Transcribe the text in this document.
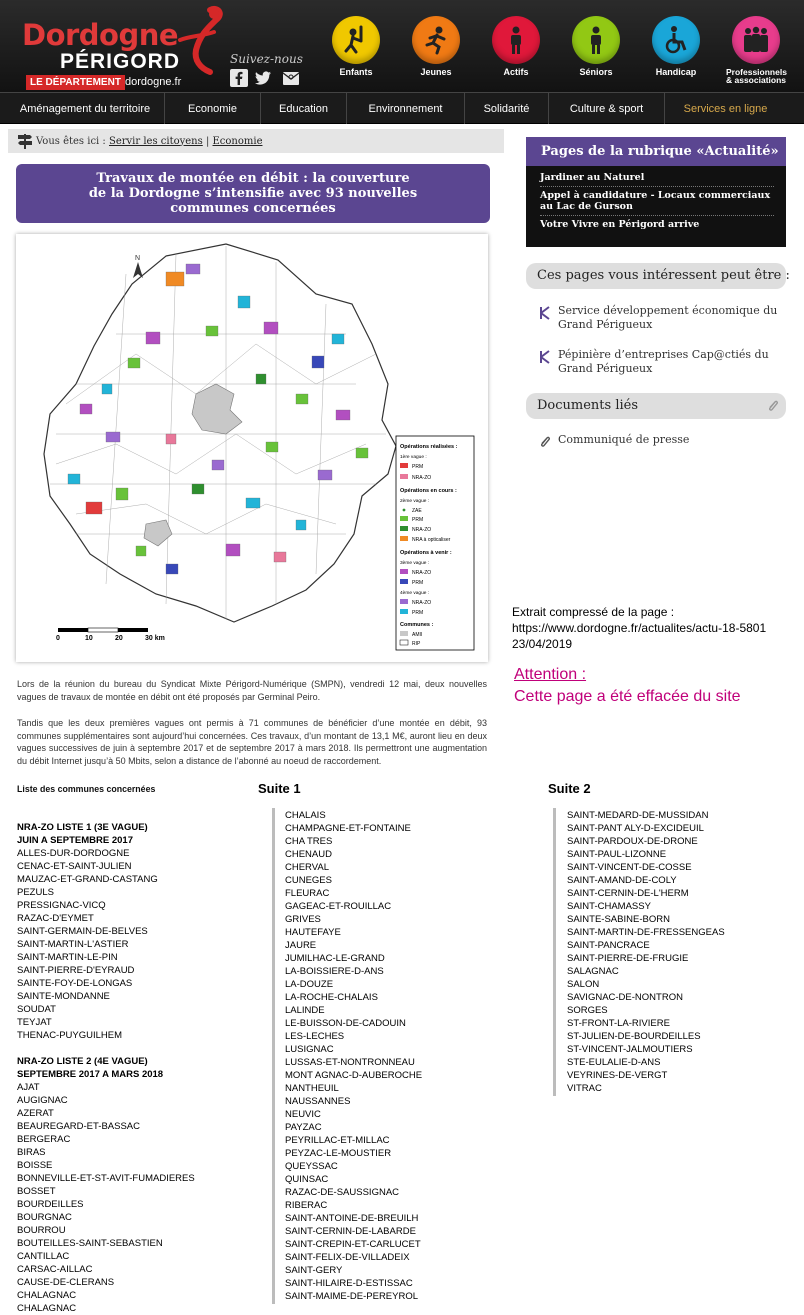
Dordogne
PÉRIGORD
LE DÉPARTEMENT dordogne.fr
Suivez-nous
Enfants	Jeunes	Actifs	Séniors	Handicap	Professionnels & associations
Aménagement du territoire	Economie	Education	Environnement	Solidarité	Culture & sport	Services en ligne
Vous êtes ici :
Servir les citoyens
|
Economie
Travaux de montée en débit : la couverture
de la Dordogne s’intensifie avec 93 nouvelles
communes concernées
N
0	10	20	30 km
Opérations réalisées :
1ère vague :
PRM
NRA-ZO
Opérations en cours :
2ème vague :
ZAE
PRM
NRA-ZO
NRA à opticaliser
Opérations à venir :
3ème vague :
NRA-ZO
PRM
4ème vague :
NRA-ZO
PRM
Communes :
AMII
RIP
Lors de la réunion du bureau du Syndicat Mixte Périgord-Numérique (SMPN), vendredi 12 mai, deux nouvelles vagues de travaux de montée en débit ont été proposés par Germinal Peiro.
Tandis que les deux premières vagues ont permis à 71 communes de bénéficier d’une montée en débit, 93 communes supplémentaires sont aujourd’hui concernées. Ces travaux, d’un montant de 13,1 M€, auront lieu en deux vagues successives de juin à septembre 2017 et de septembre 2017 à mars 2018. Ils permettront une augmentation du débit Internet jusqu’à 50 Mbits, selon a distance de l’abonné au noeud de raccordement.
Liste des communes concernées	Suite 1	Suite 2
NRA-ZO LISTE 1 (3E VAGUE)
JUIN A SEPTEMBRE 2017
ALLES-DUR-DORDOGNE
CENAC-ET-SAINT-JULIEN
MAUZAC-ET-GRAND-CASTANG
PEZULS
PRESSIGNAC-VICQ
RAZAC-D'EYMET
SAINT-GERMAIN-DE-BELVES
SAINT-MARTIN-L'ASTIER
SAINT-MARTIN-LE-PIN
SAINT-PIERRE-D'EYRAUD
SAINTE-FOY-DE-LONGAS
SAINTE-MONDANNE
SOUDAT
TEYJAT
THENAC-PUYGUILHEM
NRA-ZO LISTE 2 (4E VAGUE)
SEPTEMBRE 2017 A MARS 2018
AJAT
AUGIGNAC
AZERAT
BEAUREGARD-ET-BASSAC
BERGERAC
BIRAS
BOISSE
BONNEVILLE-ET-ST-AVIT-FUMADIERES
BOSSET
BOURDEILLES
BOURGNAC
BOURROU
BOUTEILLES-SAINT-SEBASTIEN
CANTILLAC
CARSAC-AILLAC
CAUSE-DE-CLERANS
CHALAGNAC
CHALAGNAC
CHALAIS
CHAMPAGNE-ET-FONTAINE
CHA TRES
CHENAUD
CHERVAL
CUNEGES
FLEURAC
GAGEAC-ET-ROUILLAC
GRIVES
HAUTEFAYE
JAURE
JUMILHAC-LE-GRAND
LA-BOISSIERE-D-ANS
LA-DOUZE
LA-ROCHE-CHALAIS
LALINDE
LE-BUISSON-DE-CADOUIN
LES-LECHES
LUSIGNAC
LUSSAS-ET-NONTRONNEAU
MONT AGNAC-D-AUBEROCHE
NANTHEUIL
NAUSSANNES
NEUVIC
PAYZAC
PEYRILLAC-ET-MILLAC
PEYZAC-LE-MOUSTIER
QUEYSSAC
QUINSAC
RAZAC-DE-SAUSSIGNAC
RIBERAC
SAINT-ANTOINE-DE-BREUILH
SAINT-CERNIN-DE-LABARDE
SAINT-CREPIN-ET-CARLUCET
SAINT-FELIX-DE-VILLADEIX
SAINT-GERY
SAINT-HILAIRE-D-ESTISSAC
SAINT-MAIME-DE-PEREYROL
SAINT-MEDARD-DE-MUSSIDAN
SAINT-PANT ALY-D-EXCIDEUIL
SAINT-PARDOUX-DE-DRONE
SAINT-PAUL-LIZONNE
SAINT-VINCENT-DE-COSSE
SAINT-AMAND-DE-COLY
SAINT-CERNIN-DE-L'HERM
SAINT-CHAMASSY
SAINTE-SABINE-BORN
SAINT-MARTIN-DE-FRESSENGEAS
SAINT-PANCRACE
SAINT-PIERRE-DE-FRUGIE
SALAGNAC
SALON
SAVIGNAC-DE-NONTRON
SORGES
ST-FRONT-LA-RIVIERE
ST-JULIEN-DE-BOURDEILLES
ST-VINCENT-JALMOUTIERS
STE-EULALIE-D-ANS
VEYRINES-DE-VERGT
VITRAC
Pages de la rubrique «Actualité»
Jardiner au Naturel
Appel à candidature - Locaux commerciaux au Lac de Gurson
Votre Vivre en Périgord arrive
Ces pages vous intéressent peut être :
Service développement économique du Grand Périgueux
Pépinière d’entreprises Cap@ctiés du Grand Périgueux
Documents liés
Communiqué de presse
Extrait compressé de la page :
https://www.dordogne.fr/actualites/actu-18-5801
23/04/2019
Attention :
Cette page a été effacée du site
